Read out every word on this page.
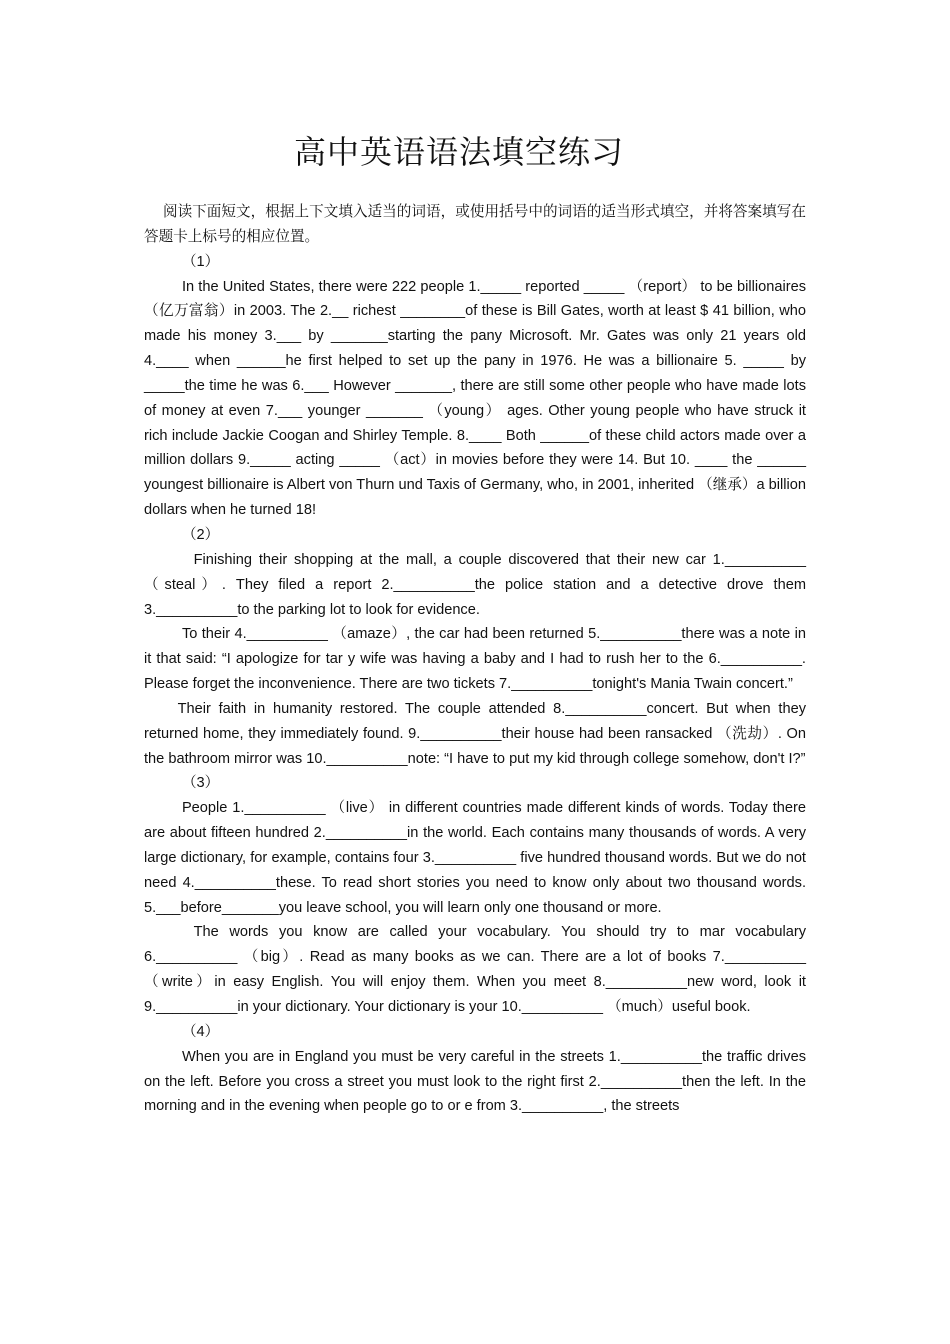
高中英语语法填空练习

阅读下面短文，根据上下文填入适当的词语，或使用括号中的词语的适当形式填空，并将答案填写在答题卡上标号的相应位置。

（1）

In the United States, there were 222 people 1._____ reported _____ （report） to be billionaires（亿万富翁）in 2003. The 2.__ richest ________of these is Bill Gates, worth at least $ 41 billion, who made his money 3.___ by _______starting the pany Microsoft. Mr. Gates was only 21 years old 4.____ when ______he first helped to set up the pany in 1976. He was a billionaire 5. _____ by _____the time he was 6.___ However _______, there are still some other people who have made lots of money at even 7.___ younger _______ （young） ages. Other young people who have struck it rich include Jackie Coogan and Shirley Temple. 8.____ Both ______of these child actors made over a million dollars 9._____ acting _____ （act）in movies before they were 14. But 10. ____ the ______ youngest billionaire is Albert von Thurn und Taxis of Germany, who, in 2001, inherited （继承）a billion dollars when he turned 18!

（2）

Finishing their shopping at the mall, a couple discovered that their new car 1.__________ （steal）. They filed a report 2.__________the police station and a detective drove them 3.__________to the parking lot to look for evidence.

To their 4.__________ （amaze）, the car had been returned 5.__________there was a note in it that said: “I apologize for tar y wife was having a baby and I had to rush her to the 6.__________. Please forget the inconvenience. There are two tickets 7.__________tonight's Mania Twain concert.”

Their faith in humanity restored. The couple attended 8.__________concert. But when they returned home, they immediately found. 9.__________their house had been ransacked （洗劫）. On the bathroom mirror was 10.__________note: “I have to put my kid through college somehow, don't I?”

（3）

People 1.__________ （live） in different countries made different kinds of words. Today there are about fifteen hundred 2.__________in the world. Each contains many thousands of words. A very large dictionary, for example, contains four 3.__________ five hundred thousand words. But we do not need 4.__________these. To read short stories you need to know only about two thousand words. 5.___before_______you leave school, you will learn only one thousand or more.

The words you know are called your vocabulary. You should try to mar vocabulary 6.__________ （big）. Read as many books as we can. There are a lot of books 7.__________ （write）in easy English. You will enjoy them. When you meet 8.__________new word, look it 9.__________in your dictionary. Your dictionary is your 10.__________ （much）useful book.

（4）

When you are in England you must be very careful in the streets 1.__________the traffic drives on the left. Before you cross a street you must look to the right first 2.__________then the left. In the morning and in the evening when people go to or e from 3.__________, the streets
